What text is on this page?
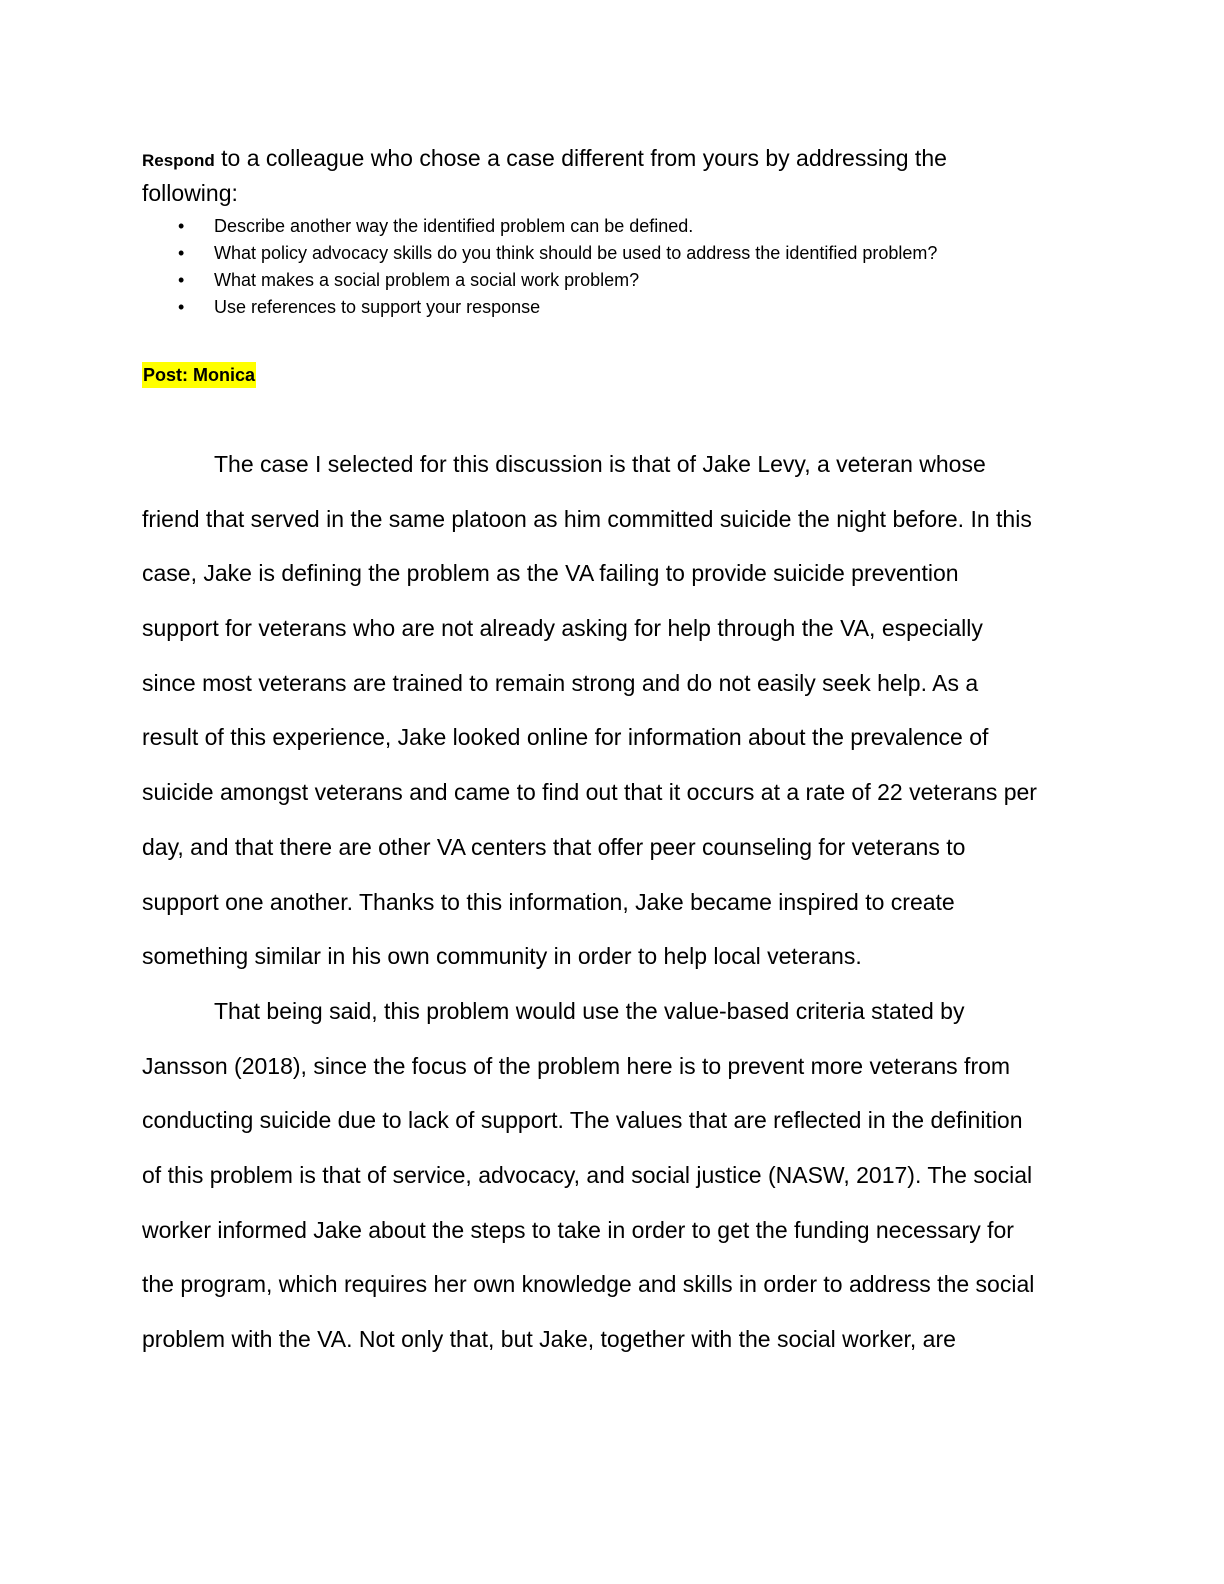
Respond to a colleague who chose a case different from yours by addressing the
following:

• Describe another way the identified problem can be defined.
• What policy advocacy skills do you think should be used to address the identified problem?
• What makes a social problem a social work problem?
• Use references to support your response
Post: Monica
The case I selected for this discussion is that of Jake Levy, a veteran whose
friend that served in the same platoon as him committed suicide the night before. In this
case, Jake is defining the problem as the VA failing to provide suicide prevention
support for veterans who are not already asking for help through the VA, especially
since most veterans are trained to remain strong and do not easily seek help. As a
result of this experience, Jake looked online for information about the prevalence of
suicide amongst veterans and came to find out that it occurs at a rate of 22 veterans per
day, and that there are other VA centers that offer peer counseling for veterans to
support one another. Thanks to this information, Jake became inspired to create
something similar in his own community in order to help local veterans.
That being said, this problem would use the value-based criteria stated by
Jansson (2018), since the focus of the problem here is to prevent more veterans from
conducting suicide due to lack of support. The values that are reflected in the definition
of this problem is that of service, advocacy, and social justice (NASW, 2017). The social
worker informed Jake about the steps to take in order to get the funding necessary for
the program, which requires her own knowledge and skills in order to address the social
problem with the VA. Not only that, but Jake, together with the social worker, are
